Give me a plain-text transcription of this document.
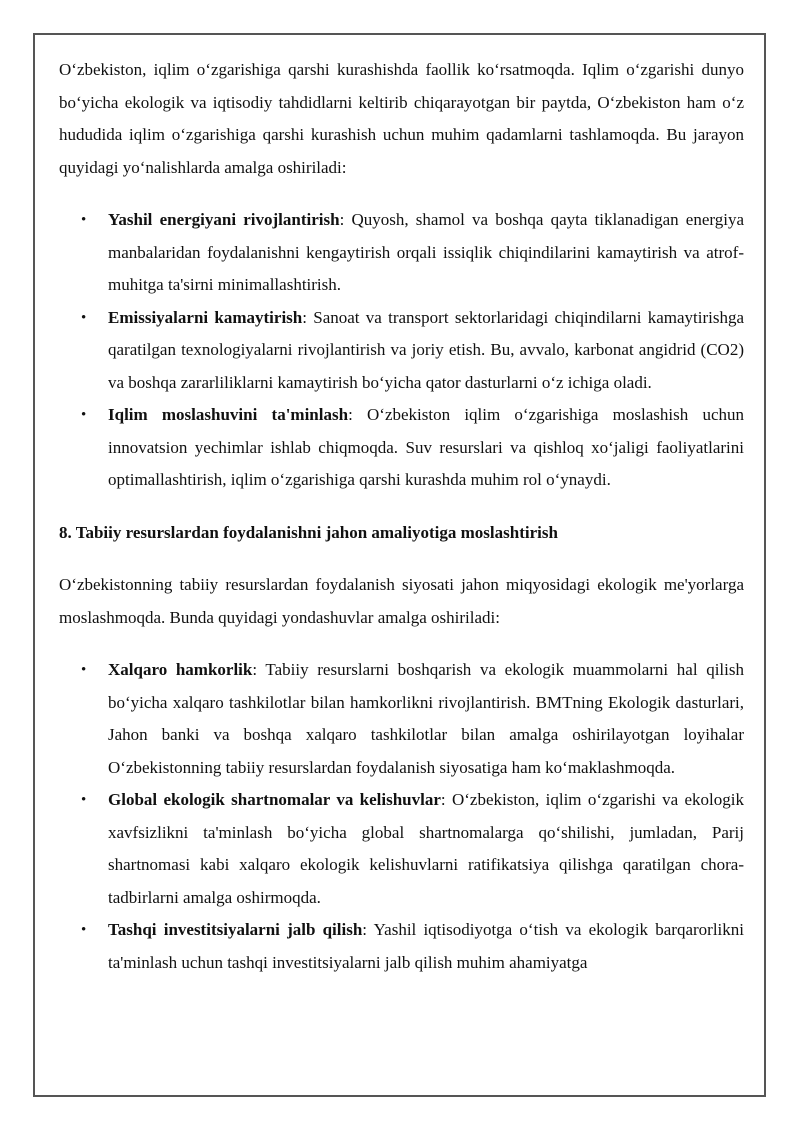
O‘zbekiston, iqlim o‘zgarishiga qarshi kurashishda faollik ko‘rsatmoqda. Iqlim o‘zgarishi dunyo bo‘yicha ekologik va iqtisodiy tahdidlarni keltirib chiqarayotgan bir paytda, O‘zbekiston ham o‘z hududida iqlim o‘zgarishiga qarshi kurashish uchun muhim qadamlarni tashlamoqda. Bu jarayon quyidagi yo‘nalishlarda amalga oshiriladi:

• Yashil energiyani rivojlantirish: Quyosh, shamol va boshqa qayta tiklanadigan energiya manbalaridan foydalanishni kengaytirish orqali issiqlik chiqindilarini kamaytirish va atrof-muhitga ta'sirni minimallashtirish.
• Emissiyalarni kamaytirish: Sanoat va transport sektorlaridagi chiqindilarni kamaytirishga qaratilgan texnologiyalarni rivojlantirish va joriy etish. Bu, avvalo, karbonat angidrid (CO2) va boshqa zararliliklarni kamaytirish bo‘yicha qator dasturlarni o‘z ichiga oladi.
• Iqlim moslashuvini ta'minlash: O‘zbekiston iqlim o‘zgarishiga moslashish uchun innovatsion yechimlar ishlab chiqmoqda. Suv resurslari va qishloq xo‘jaligi faoliyatlarini optimallashtirish, iqlim o‘zgarishiga qarshi kurashda muhim rol o‘ynaydi.

8. Tabiiy resurslardan foydalanishni jahon amaliyotiga moslashtirish

O‘zbekistonning tabiiy resurslardan foydalanish siyosati jahon miqyosidagi ekologik me'yorlarga moslashmoqda. Bunda quyidagi yondashuvlar amalga oshiriladi:

• Xalqaro hamkorlik: Tabiiy resurslarni boshqarish va ekologik muammolarni hal qilish bo‘yicha xalqaro tashkilotlar bilan hamkorlikni rivojlantirish. BMTning Ekologik dasturlari, Jahon banki va boshqa xalqaro tashkilotlar bilan amalga oshirilayotgan loyihalar O‘zbekistonning tabiiy resurslardan foydalanish siyosatiga ham ko‘maklashmoqda.
• Global ekologik shartnomalar va kelishuvlar: O‘zbekiston, iqlim o‘zgarishi va ekologik xavfsizlikni ta'minlash bo‘yicha global shartnomalarga qo‘shilishi, jumladan, Parij shartnomasi kabi xalqaro ekologik kelishuvlarni ratifikatsiya qilishga qaratilgan chora-tadbirlarni amalga oshirmoqda.
• Tashqi investitsiyalarni jalb qilish: Yashil iqtisodiyotga o‘tish va ekologik barqarorlikni ta'minlash uchun tashqi investitsiyalarni jalb qilish muhim ahamiyatga
